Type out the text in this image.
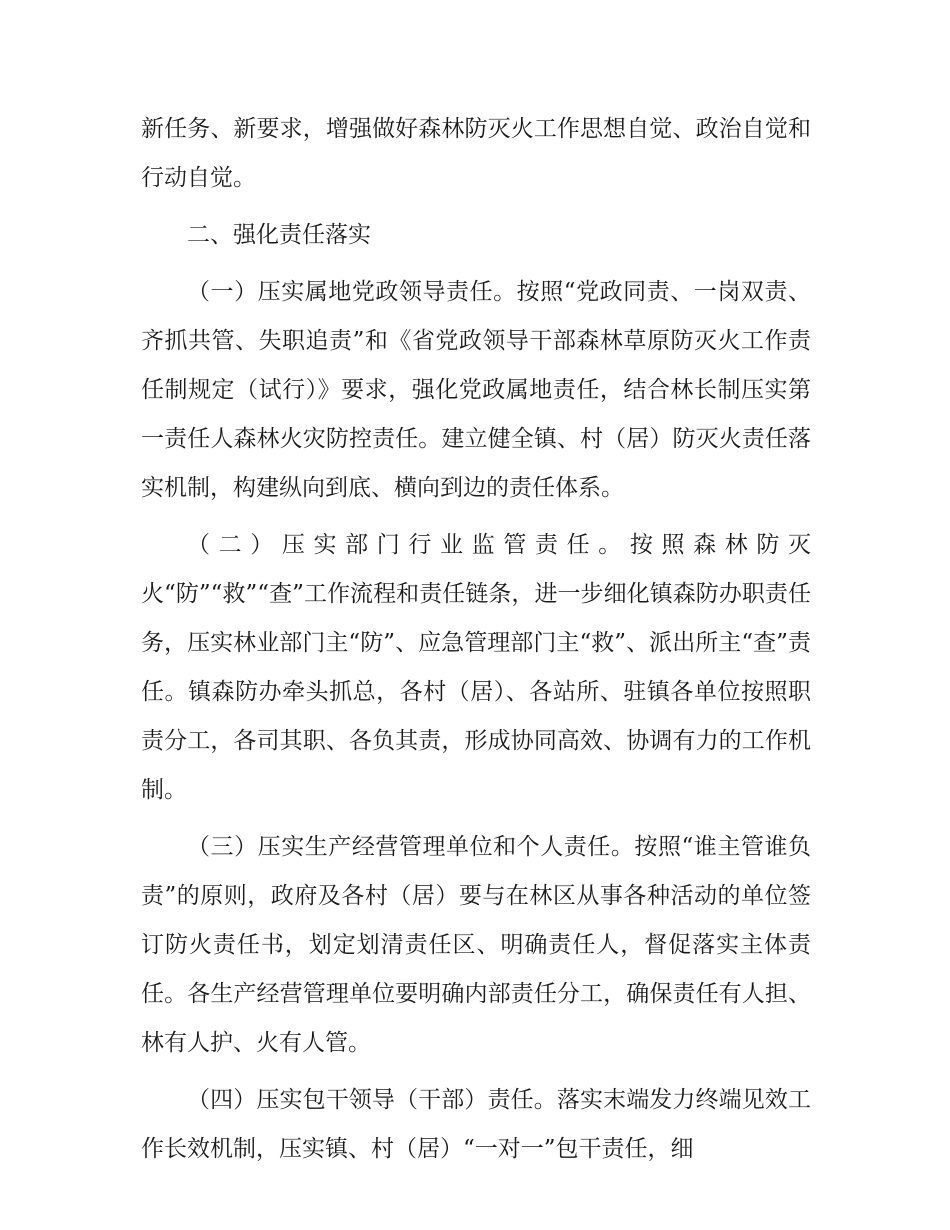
新任务、新要求，增强做好森林防灭火工作思想自觉、政治自觉和行动自觉。

二、强化责任落实

（一）压实属地党政领导责任。按照“党政同责、一岗双责、齐抓共管、失职追责”和《省党政领导干部森林草原防灭火工作责任制规定（试行）》要求，强化党政属地责任，结合林长制压实第一责任人森林火灾防控责任。建立健全镇、村（居）防灭火责任落实机制，构建纵向到底、横向到边的责任体系。

（二）压实部门行业监管责任。按照森林防灭火“防”“救”“查”工作流程和责任链条，进一步细化镇森防办职责任务，压实林业部门主“防”、应急管理部门主“救”、派出所主“查”责任。镇森防办牵头抓总，各村（居）、各站所、驻镇各单位按照职责分工，各司其职、各负其责，形成协同高效、协调有力的工作机制。

（三）压实生产经营管理单位和个人责任。按照“谁主管谁负责”的原则，政府及各村（居）要与在林区从事各种活动的单位签订防火责任书，划定划清责任区、明确责任人，督促落实主体责任。各生产经营管理单位要明确内部责任分工，确保责任有人担、林有人护、火有人管。

（四）压实包干领导（干部）责任。落实末端发力终端见效工作长效机制，压实镇、村（居）“一对一”包干责任，细
